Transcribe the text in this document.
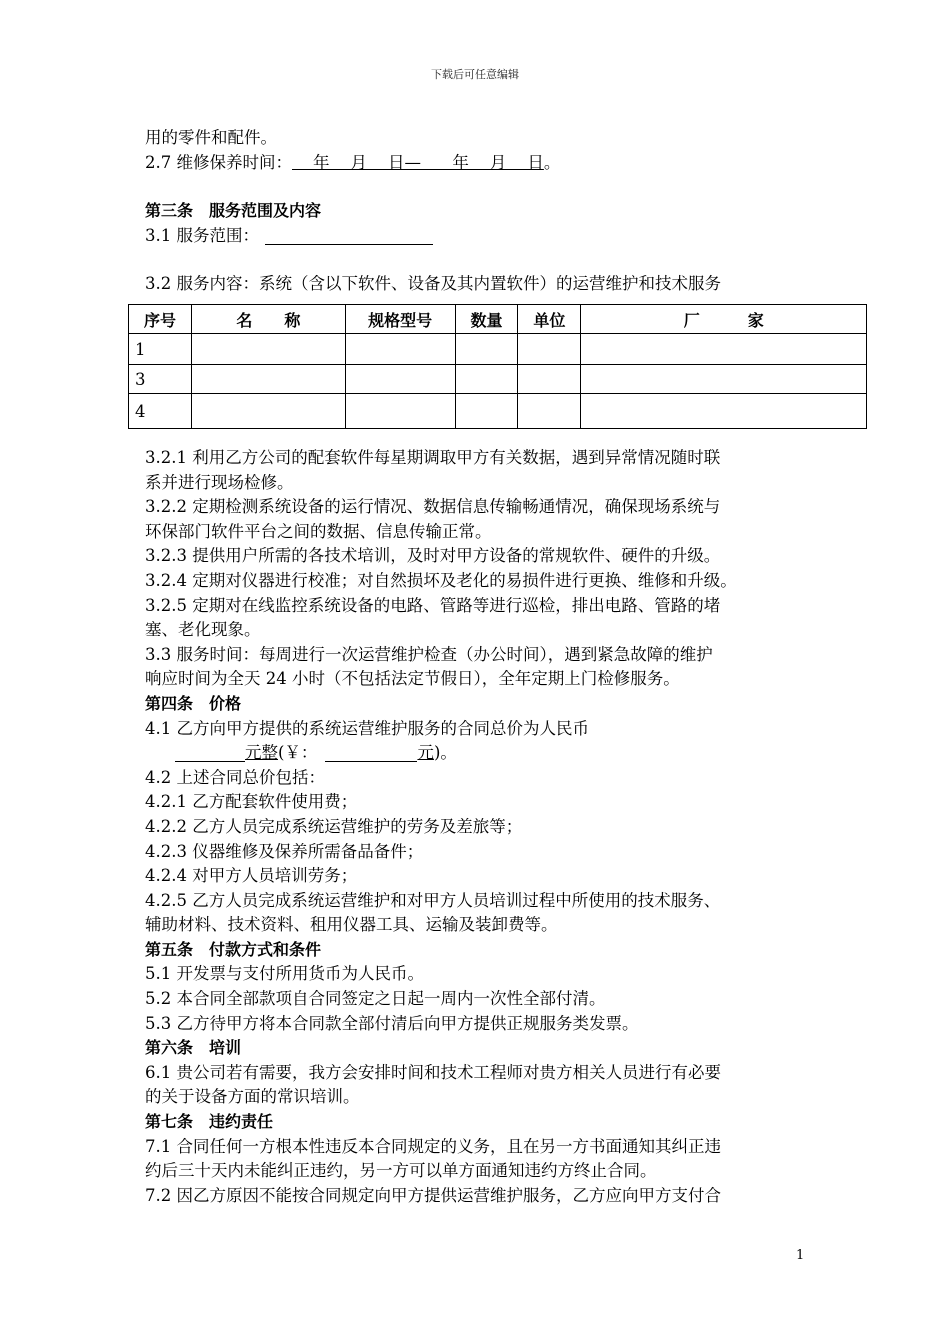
下载后可任意编辑
用的零件和配件。
2.7 维修保养时间：    年    月    日—      年    月    日。
第三条　服务范围及内容
3.1 服务范围：
3.2 服务内容：系统（含以下软件、设备及其内置软件）的运营维护和技术服务
序号	名　　称	规格型号	数量	单位	厂　　　家
1					
3					
4					
3.2.1 利用乙方公司的配套软件每星期调取甲方有关数据，遇到异常情况随时联
系并进行现场检修。
3.2.2 定期检测系统设备的运行情况、数据信息传输畅通情况，确保现场系统与
环保部门软件平台之间的数据、信息传输正常。
3.2.3 提供用户所需的各技术培训，及时对甲方设备的常规软件、硬件的升级。
3.2.4 定期对仪器进行校准；对自然损坏及老化的易损件进行更换、维修和升级。
3.2.5 定期对在线监控系统设备的电路、管路等进行巡检，排出电路、管路的堵
塞、老化现象。
3.3 服务时间：每周进行一次运营维护检查（办公时间），遇到紧急故障的维护
响应时间为全天 24 小时（不包括法定节假日），全年定期上门检修服务。
第四条　价格
4.1 乙方向甲方提供的系统运营维护服务的合同总价为人民币
元整(￥：	元)。
4.2 上述合同总价包括：
4.2.1 乙方配套软件使用费；
4.2.2 乙方人员完成系统运营维护的劳务及差旅等；
4.2.3 仪器维修及保养所需备品备件；
4.2.4 对甲方人员培训劳务；
4.2.5 乙方人员完成系统运营维护和对甲方人员培训过程中所使用的技术服务、
辅助材料、技术资料、租用仪器工具、运输及装卸费等。
第五条　付款方式和条件
5.1 开发票与支付所用货币为人民币。
5.2 本合同全部款项自合同签定之日起一周内一次性全部付清。
5.3 乙方待甲方将本合同款全部付清后向甲方提供正规服务类发票。
第六条　培训
6.1 贵公司若有需要，我方会安排时间和技术工程师对贵方相关人员进行有必要
的关于设备方面的常识培训。
第七条　违约责任
7.1 合同任何一方根本性违反本合同规定的义务，且在另一方书面通知其纠正违
约后三十天内未能纠正违约，另一方可以单方面通知违约方终止合同。
7.2 因乙方原因不能按合同规定向甲方提供运营维护服务，乙方应向甲方支付合
1
